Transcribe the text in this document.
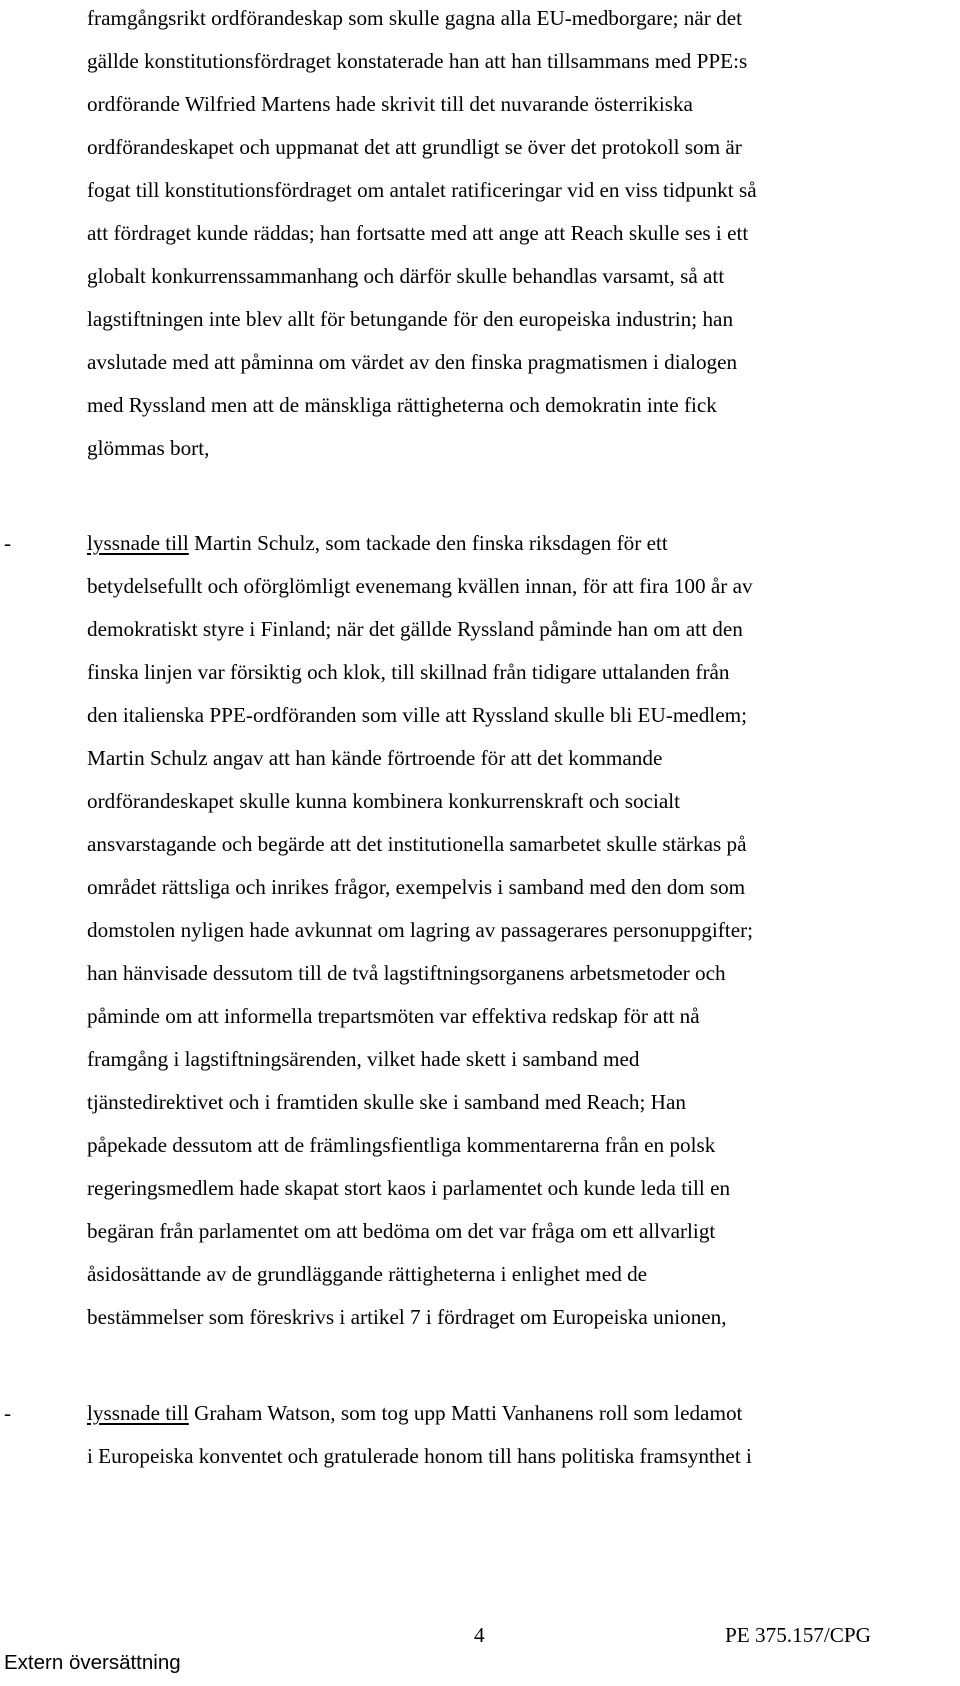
framgångsrikt ordförandeskap som skulle gagna alla EU-medborgare; när det
gällde konstitutionsfördraget konstaterade han att han tillsammans med PPE:s
ordförande Wilfried Martens hade skrivit till det nuvarande österrikiska
ordförandeskapet och uppmanat det att grundligt se över det protokoll som är
fogat till konstitutionsfördraget om antalet ratificeringar vid en viss tidpunkt så
att fördraget kunde räddas; han fortsatte med att ange att Reach skulle ses i ett
globalt konkurrenssammanhang och därför skulle behandlas varsamt, så att
lagstiftningen inte blev allt för betungande för den europeiska industrin; han
avslutade med att påminna om värdet av den finska pragmatismen i dialogen
med Ryssland men att de mänskliga rättigheterna och demokratin inte fick
glömmas bort,
-	lyssnade till Martin Schulz, som tackade den finska riksdagen för ett
betydelsefullt och oförglömligt evenemang kvällen innan, för att fira 100 år av
demokratiskt styre i Finland; när det gällde Ryssland påminde han om att den
finska linjen var försiktig och klok, till skillnad från tidigare uttalanden från
den italienska PPE-ordföranden som ville att Ryssland skulle bli EU-medlem;
Martin Schulz angav att han kände förtroende för att det kommande
ordförandeskapet skulle kunna kombinera konkurrenskraft och socialt
ansvarstagande och begärde att det institutionella samarbetet skulle stärkas på
området rättsliga och inrikes frågor, exempelvis i samband med den dom som
domstolen nyligen hade avkunnat om lagring av passagerares personuppgifter;
han hänvisade dessutom till de två lagstiftningsorganens arbetsmetoder och
påminde om att informella trepartsmöten var effektiva redskap för att nå
framgång i lagstiftningsärenden, vilket hade skett i samband med
tjänstedirektivet och i framtiden skulle ske i samband med Reach; Han
påpekade dessutom att de främlingsfientliga kommentarerna från en polsk
regeringsmedlem hade skapat stort kaos i parlamentet och kunde leda till en
begäran från parlamentet om att bedöma om det var fråga om ett allvarligt
åsidosättande av de grundläggande rättigheterna i enlighet med de
bestämmelser som föreskrivs i artikel 7 i fördraget om Europeiska unionen,
-	lyssnade till Graham Watson, som tog upp Matti Vanhanens roll som ledamot
i Europeiska konventet och gratulerade honom till hans politiska framsynthet i
4	PE 375.157/CPG
Extern översättning
